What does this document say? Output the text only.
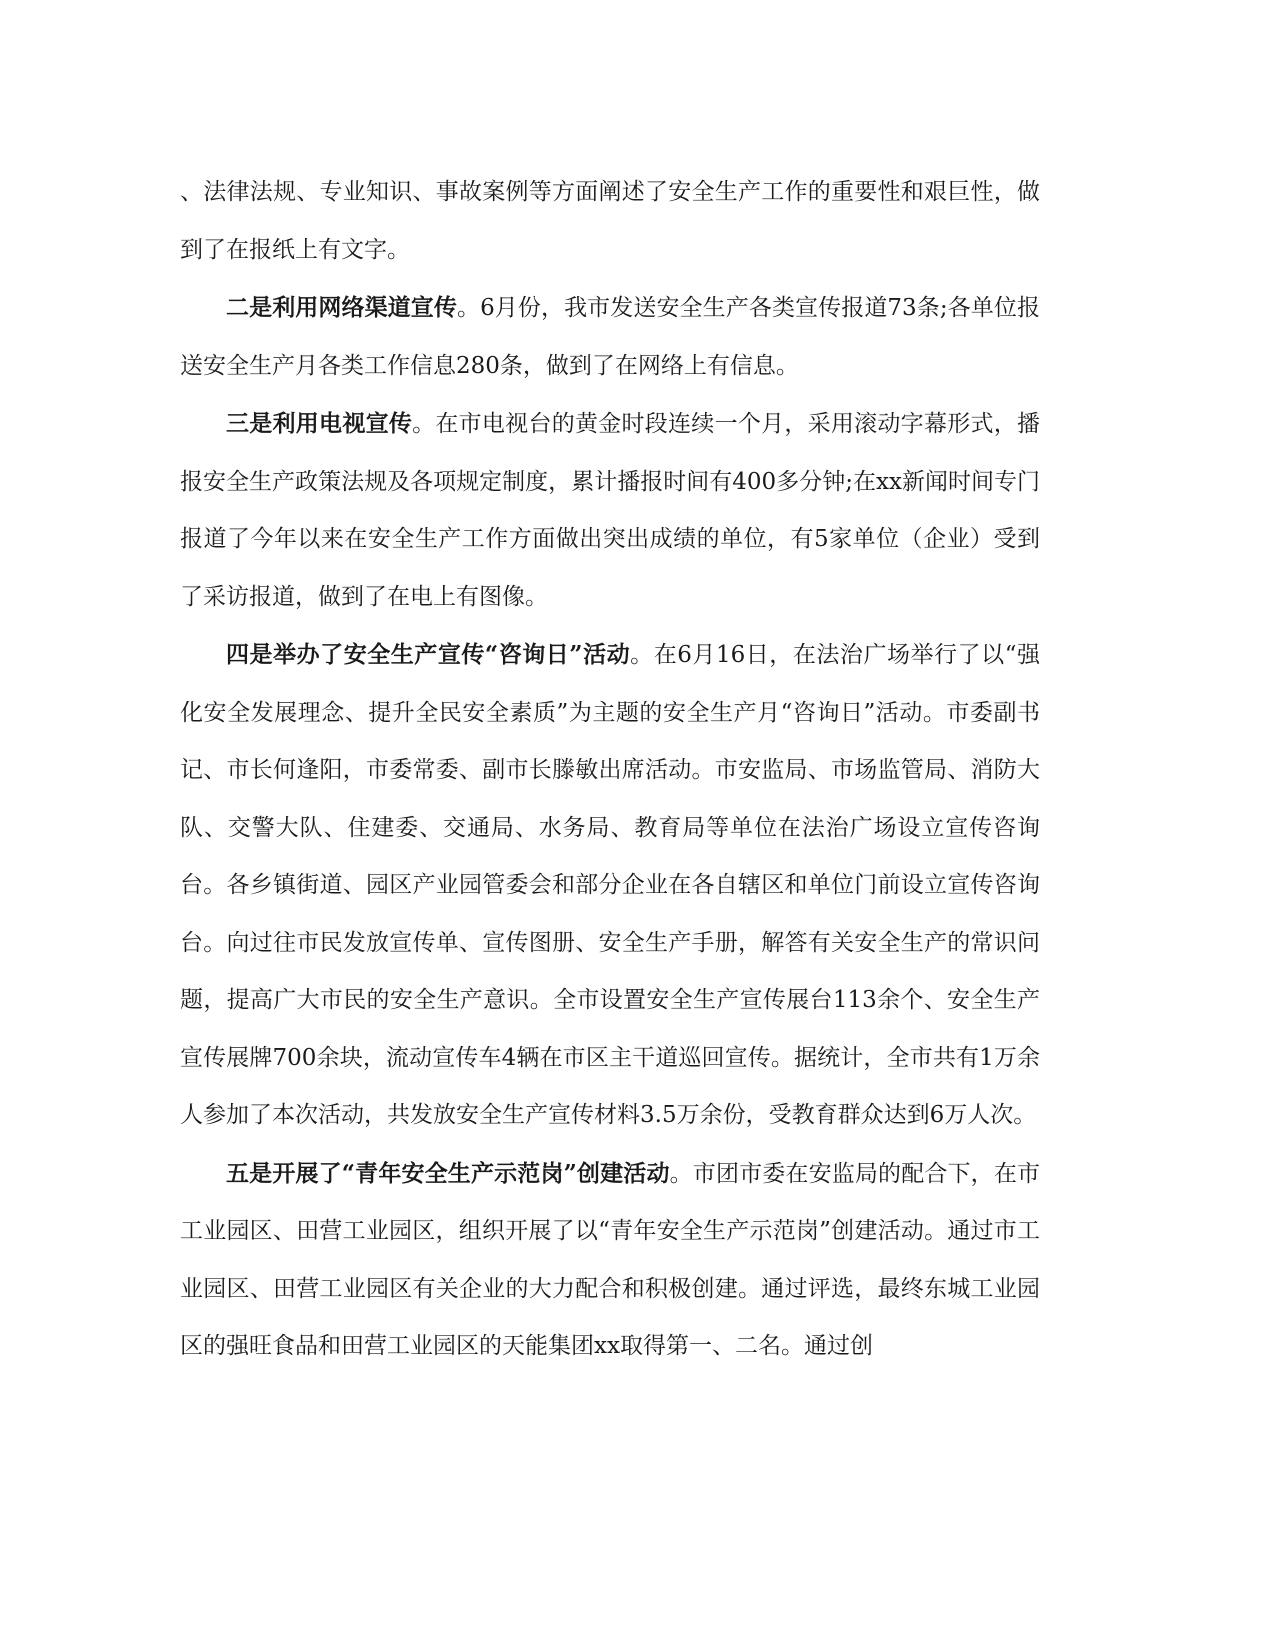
、法律法规、专业知识、事故案例等方面阐述了安全生产工作的重要性和艰巨性，做到了在报纸上有文字。

二是利用网络渠道宣传。6月份，我市发送安全生产各类宣传报道73条;各单位报送安全生产月各类工作信息280条，做到了在网络上有信息。

三是利用电视宣传。在市电视台的黄金时段连续一个月，采用滚动字幕形式，播报安全生产政策法规及各项规定制度，累计播报时间有400多分钟;在xx新闻时间专门报道了今年以来在安全生产工作方面做出突出成绩的单位，有5家单位（企业）受到了采访报道，做到了在电上有图像。

四是举办了安全生产宣传“咨询日”活动。在6月16日，在法治广场举行了以“强化安全发展理念、提升全民安全素质”为主题的安全生产月“咨询日”活动。市委副书记、市长何逢阳，市委常委、副市长滕敏出席活动。市安监局、市场监管局、消防大队、交警大队、住建委、交通局、水务局、教育局等单位在法治广场设立宣传咨询台。各乡镇街道、园区产业园管委会和部分企业在各自辖区和单位门前设立宣传咨询台。向过往市民发放宣传单、宣传图册、安全生产手册，解答有关安全生产的常识问题，提高广大市民的安全生产意识。全市设置安全生产宣传展台113余个、安全生产宣传展牌700余块，流动宣传车4辆在市区主干道巡回宣传。据统计，全市共有1万余人参加了本次活动，共发放安全生产宣传材料3.5万余份，受教育群众达到6万人次。

五是开展了“青年安全生产示范岗”创建活动。市团市委在安监局的配合下，在市工业园区、田营工业园区，组织开展了以“青年安全生产示范岗”创建活动。通过市工业园区、田营工业园区有关企业的大力配合和积极创建。通过评选，最终东城工业园区的强旺食品和田营工业园区的天能集团xx取得第一、二名。通过创
